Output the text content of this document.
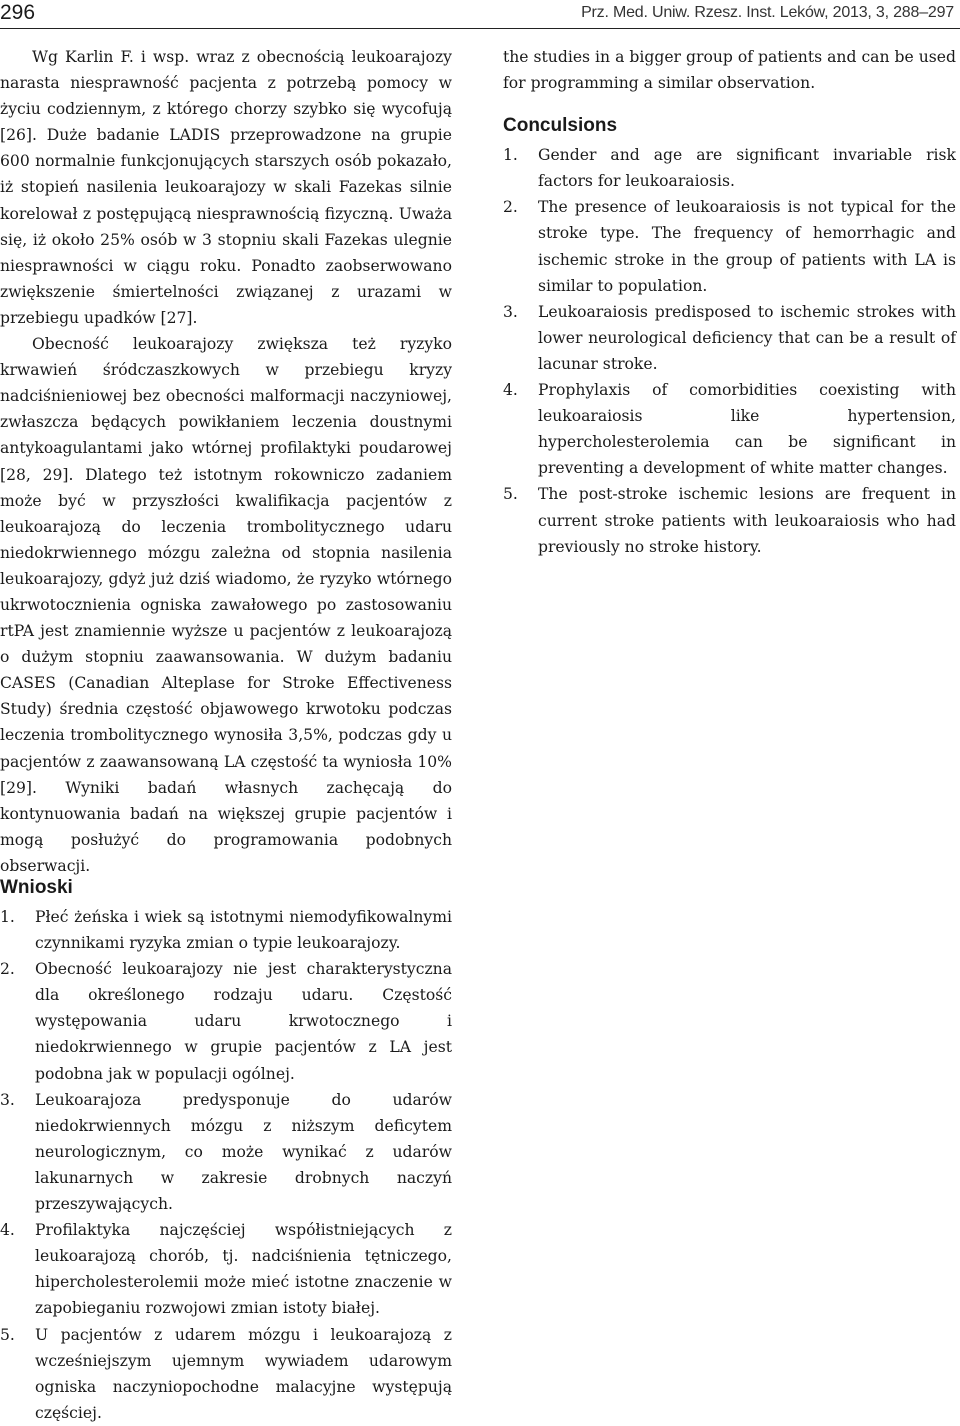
296	Prz. Med. Uniw. Rzesz. Inst. Leków, 2013, 3, 288–297

Wg Karlin F. i wsp. wraz z obecnością leukoarajozy narasta niesprawność pacjenta z potrzebą pomocy w życiu codziennym, z którego chorzy szybko się wycofują [26]. Duże badanie LADIS przeprowadzone na grupie 600 normalnie funkcjonujących starszych osób pokazało, iż stopień nasilenia leukoarajozy w skali Fazekas silnie korelował z postępującą niesprawnością fizyczną. Uważa się, iż około 25% osób w 3 stopniu skali Fazekas ulegnie niesprawności w ciągu roku. Ponadto zaobserwowano zwiększenie śmiertelności związanej z urazami w przebiegu upadków [27].

Obecność leukoarajozy zwiększa też ryzyko krwawień śródczaszkowych w przebiegu kryzy nadciśnieniowej bez obecności malformacji naczyniowej, zwłaszcza będących powikłaniem leczenia doustnymi antykoagulantami jako wtórnej profilaktyki poudarowej [28, 29]. Dlatego też istotnym rokowniczo zadaniem może być w przyszłości kwalifikacja pacjentów z leukoarajozą do leczenia trombolitycznego udaru niedokrwiennego mózgu zależna od stopnia nasilenia leukoarajozy, gdyż już dziś wiadomo, że ryzyko wtórnego ukrwotocznienia ogniska zawałowego po zastosowaniu rtPA jest znamiennie wyższe u pacjentów z leukoarajozą o dużym stopniu zaawansowania. W dużym badaniu CASES (Canadian Alteplase for Stroke Effectiveness Study) średnia częstość objawowego krwotoku podczas leczenia trombolitycznego wynosiła 3,5%, podczas gdy u pacjentów z zaawansowaną LA częstość ta wyniosła 10% [29]. Wyniki badań własnych zachęcają do kontynuowania badań na większej grupie pacjentów i mogą posłużyć do programowania podobnych obserwacji.

the studies in a bigger group of patients and can be used for programming a similar observation.

Conculsions
1.	Gender and age are significant invariable risk factors for leukoaraiosis.
2.	The presence of leukoaraiosis is not typical for the stroke type. The frequency of hemorrhagic and ischemic stroke in the group of patients with LA is similar to population.
3.	Leukoaraiosis predisposed to ischemic strokes with lower neurological deficiency that can be a result of lacunar stroke.
4.	Prophylaxis of comorbidities coexisting with leukoaraiosis like hypertension, hypercholesterolemia can be significant in preventing a development of white matter changes.
5.	The post-stroke ischemic lesions are frequent in current stroke patients with leukoaraiosis who had previously no stroke history.
Wnioski
1.	Płeć żeńska i wiek są istotnymi niemodyfikowalnymi czynnikami ryzyka zmian o typie leukoarajozy.
2.	Obecność leukoarajozy nie jest charakterystyczna dla określonego rodzaju udaru. Częstość występowania udaru krwotocznego i niedokrwiennego w grupie pacjentów z LA jest podobna jak w populacji ogólnej.
3.	Leukoarajoza predysponuje do udarów niedokrwiennych mózgu z niższym deficytem neurologicznym, co może wynikać z udarów lakunarnych w zakresie drobnych naczyń przeszywających.
4.	Profilaktyka najczęściej współistniejących z leukoarajozą chorób, tj. nadciśnienia tętniczego, hipercholesterolemii może mieć istotne znaczenie w zapobieganiu rozwojowi zmian istoty białej.
5.	U pacjentów z udarem mózgu i leukoarajozą z wcześniejszym ujemnym wywiadem udarowym ogniska naczyniopochodne malacyjne występują częściej.
